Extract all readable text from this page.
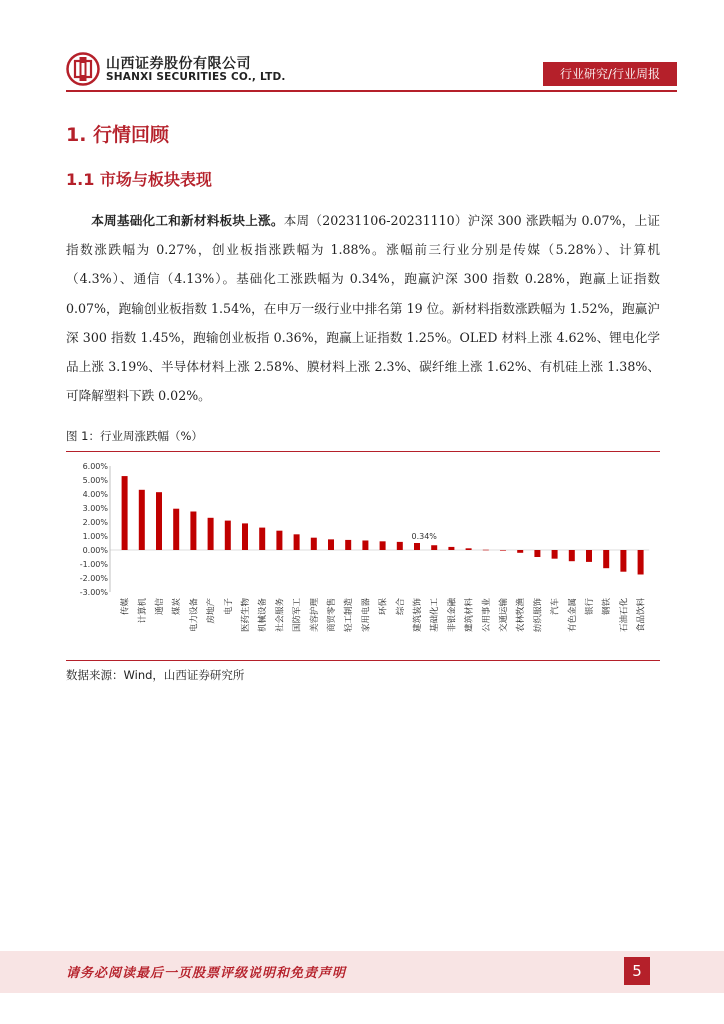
山西证券股份有限公司
SHANXI SECURITIES CO., LTD.	行业研究/行业周报
1. 行情回顾
1.1 市场与板块表现
本周基础化工和新材料板块上涨。本周（20231106-20231110）沪深 300 涨跌幅为 0.07%，上证指数涨跌幅为 0.27%，创业板指涨跌幅为 1.88%。涨幅前三行业分别是传媒（5.28%）、计算机（4.3%）、通信（4.13%）。基础化工涨跌幅为 0.34%，跑赢沪深 300 指数 0.28%，跑赢上证指数 0.07%，跑输创业板指数 1.54%，在申万一级行业中排名第 19 位。新材料指数涨跌幅为 1.52%，跑赢沪深 300 指数 1.45%，跑输创业板指 0.36%，跑赢上证指数 1.25%。OLED 材料上涨 4.62%、锂电化学品上涨 3.19%、半导体材料上涨 2.58%、膜材料上涨 2.3%、碳纤维上涨 1.62%、有机硅上涨 1.38%、可降解塑料下跌 0.02%。
图 1：行业周涨跌幅（%）
6.00%
5.00%
4.00%
3.00%
2.00%
1.00%
0.00%
-1.00%
-2.00%
-3.00%
传媒 计算机 通信 煤炭 电力设备 房地产 电子 医药生物 机械设备 社会服务 国防军工 美容护理 商贸零售 轻工制造 家用电器 环保 综合 建筑装饰 基础化工 非银金融 建筑材料 公用事业 交通运输 农林牧渔 纺织服饰 汽车 有色金属 银行 钢铁 石油石化 食品饮料
0.34%
数据来源：Wind，山西证券研究所
请务必阅读最后一页股票评级说明和免责声明	5
